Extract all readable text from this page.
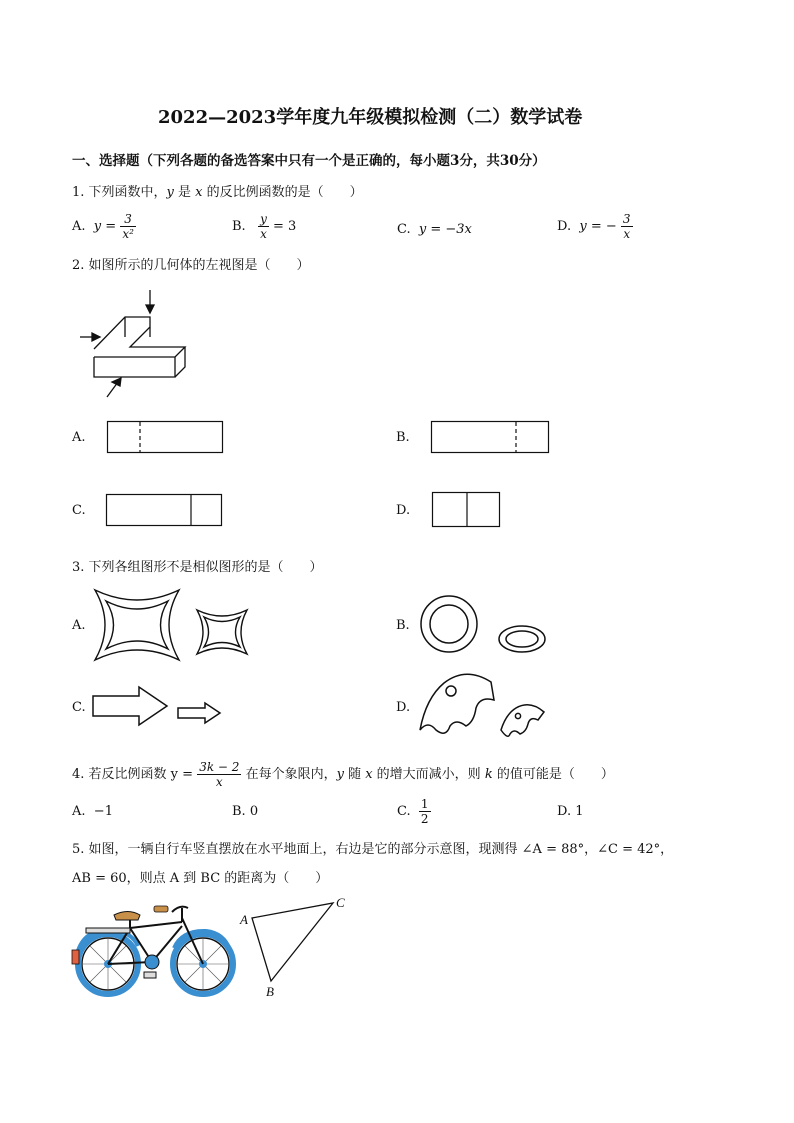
2022—2023学年度九年级模拟检测（二）数学试卷
一、选择题（下列各题的备选答案中只有一个是正确的，每小题3分，共30分）
1. 下列函数中，y 是 x 的反比例函数的是（　　）
A. $y = \frac{3}{\text{x²}}$	B. $\frac{y}{x} = 3$	C. y = −3x	D. y = − $\frac{3}{x}$
2. 如图所示的几何体的左视图是（　　）
A.	B.
C.	D.
3. 下列各组图形不是相似图形的是（　　）
A.	B.
C.	D.
4. 若反比例函数 $y = \frac{3k - 2}{x}$ 在每个象限内，y 随 x 的增大而减小，则 k 的值可能是（　　）
A. −1	B. 0	C. $\frac{1}{2}$	D. 1
5. 如图，一辆自行车竖直摆放在水平地面上，右边是它的部分示意图，现测得 ∠A = 88°，∠C = 42°，
AB = 60，则点 A 到 BC 的距离为（　　）
A
C
B
